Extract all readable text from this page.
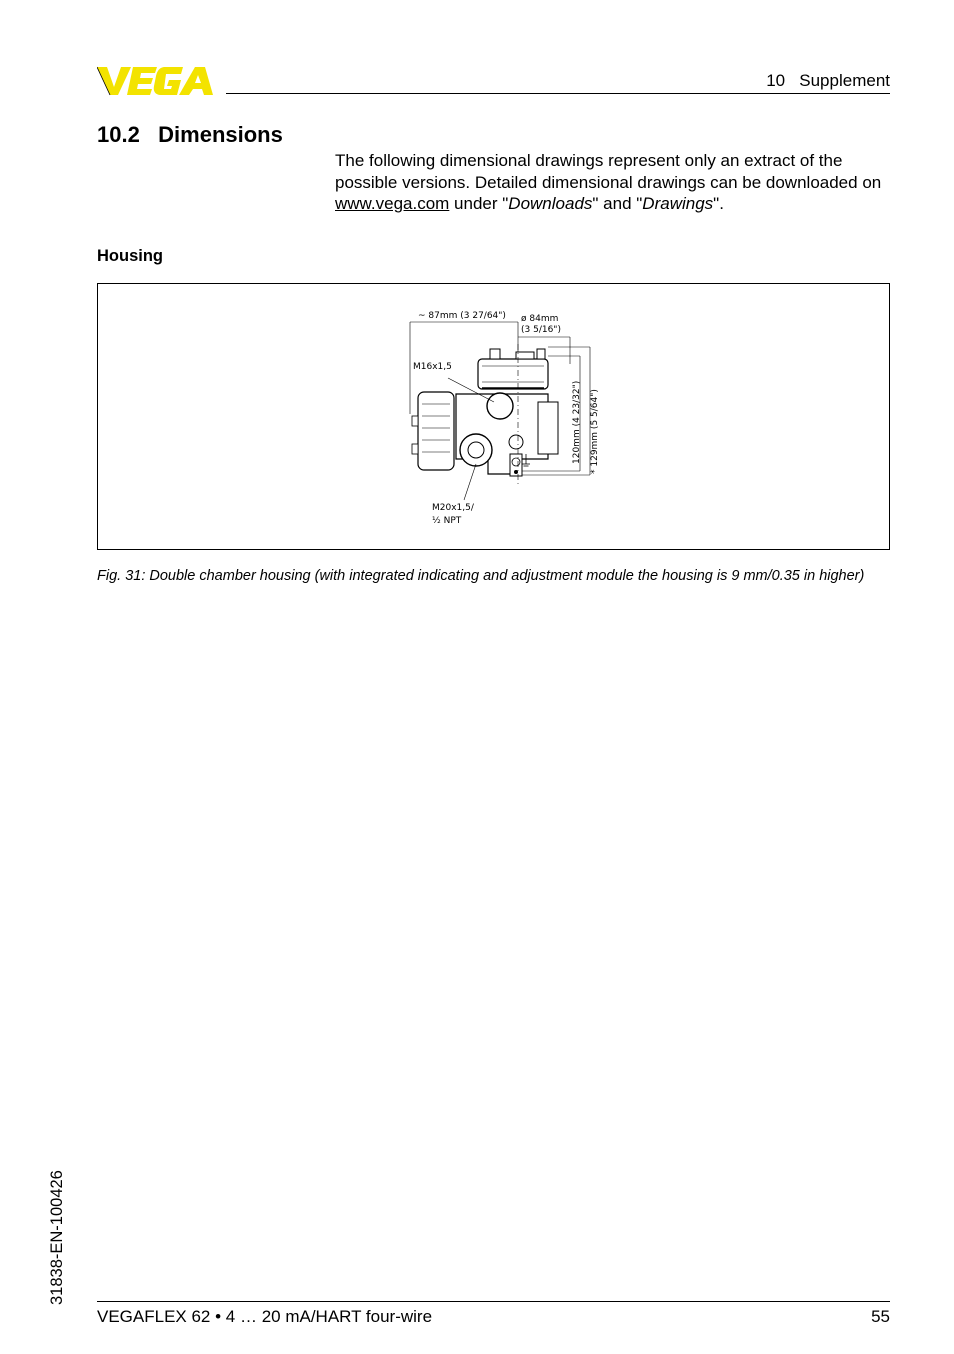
10   Supplement
10.2   Dimensions
The following dimensional drawings represent only an extract of the possible versions. Detailed dimensional drawings can be downloaded on www.vega.com under "Downloads" and "Drawings".
Housing
~ 87mm (3 27/64") ø 84mm
(3 5/16")
120mm (4 23/32") * 129mm (5 5/64")
M16x1,5
M20x1,5/
½ NPT
Fig. 31: Double chamber housing (with integrated indicating and adjustment module the housing is 9 mm/0.35 in higher)
31838-EN-100426
VEGAFLEX 62 • 4 … 20 mA/HART four-wire	55
